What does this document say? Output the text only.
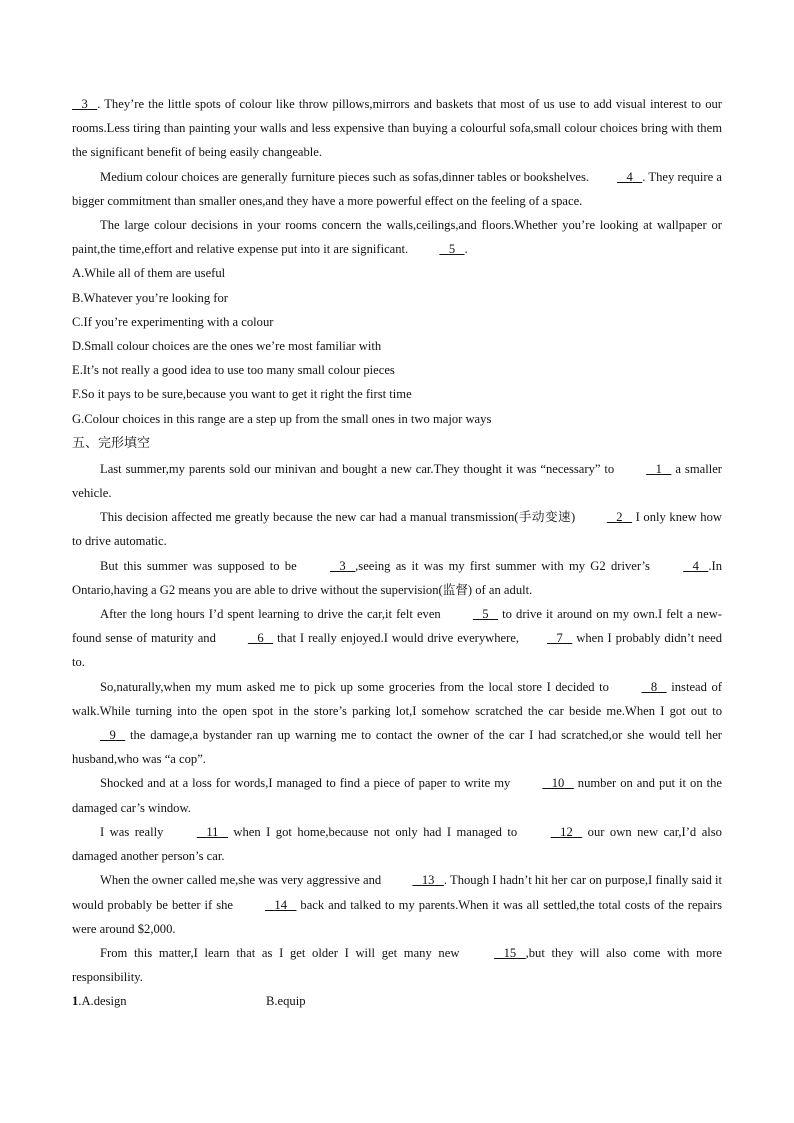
3 . They’re the little spots of colour like throw pillows,mirrors and baskets that most of us use to add visual interest to our rooms.Less tiring than painting your walls and less expensive than buying a colourful sofa,small colour choices bring with them the significant benefit of being easily changeable.

Medium colour choices are generally furniture pieces such as sofas,dinner tables or bookshelves.	4 . They require a bigger commitment than smaller ones,and they have a more powerful effect on the feeling of a space.

The large colour decisions in your rooms concern the walls,ceilings,and floors.Whether you’re looking at wallpaper or paint,the time,effort and relative expense put into it are significant.	5 .

A.While all of them are useful

B.Whatever you’re looking for

C.If you’re experimenting with a colour

D.Small colour choices are the ones we’re most familiar with

E.It’s not really a good idea to use too many small colour pieces

F.So it pays to be sure,because you want to get it right the first time

G.Colour choices in this range are a step up from the small ones in two major ways

五、完形填空

Last summer,my parents sold our minivan and bought a new car.They thought it was “necessary” to	1 a smaller vehicle.

This decision affected me greatly because the new car had a manual transmission(手动变速)	2 I only knew how to drive automatic.

But this summer was supposed to be	3 ,seeing as it was my first summer with my G2 driver’s	4 .In Ontario,having a G2 means you are able to drive without the supervision(监督) of an adult.

After the long hours I’d spent learning to drive the car,it felt even	5 to drive it around on my own.I felt a new-found sense of maturity and	6 that I really enjoyed.I would drive everywhere,	7 when I probably didn’t need to.

So,naturally,when my mum asked me to pick up some groceries from the local store I decided to	8 instead of walk.While turning into the open spot in the store’s parking lot,I somehow scratched the car beside me.When I got out to    9 the damage,a bystander ran up warning me to contact the owner of the car I had scratched,or she would tell her husband,who was “a cop”.

Shocked and at a loss for words,I managed to find a piece of paper to write my	10 number on and put it on the damaged car’s window.

I was really	11 when I got home,because not only had I managed to	12 our own new car,I’d also damaged another person’s car.

When the owner called me,she was very aggressive and	13 . Though I hadn’t hit her car on purpose,I finally said it would probably be better if she	14 back and talked to my parents.When it was all settled,the total costs of the repairs were around $2,000.

From this matter,I learn that as I get older I will get many new	15 ,but they will also come with more responsibility.

1.A.design	B.equip
